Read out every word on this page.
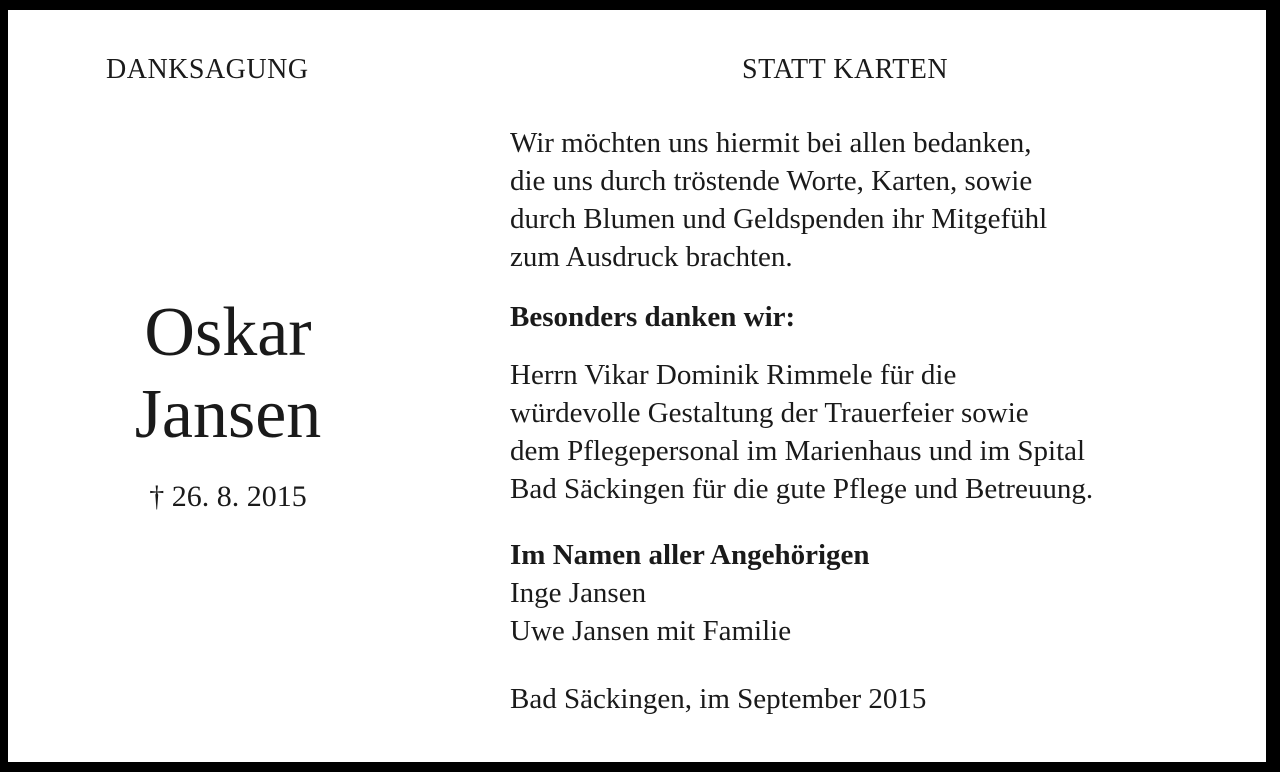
DANKSAGUNG	STATT KARTEN
Oskar
Jansen
† 26. 8. 2015

Wir möchten uns hiermit bei allen bedanken,
die uns durch tröstende Worte, Karten, sowie
durch Blumen und Geldspenden ihr Mitgefühl
zum Ausdruck brachten.

Besonders danken wir:

Herrn Vikar Dominik Rimmele für die
würdevolle Gestaltung der Trauerfeier sowie
dem Pflegepersonal im Marienhaus und im Spital
Bad Säckingen für die gute Pflege und Betreuung.

Im Namen aller Angehörigen

Inge Jansen
Uwe Jansen mit Familie

Bad Säckingen, im September 2015
